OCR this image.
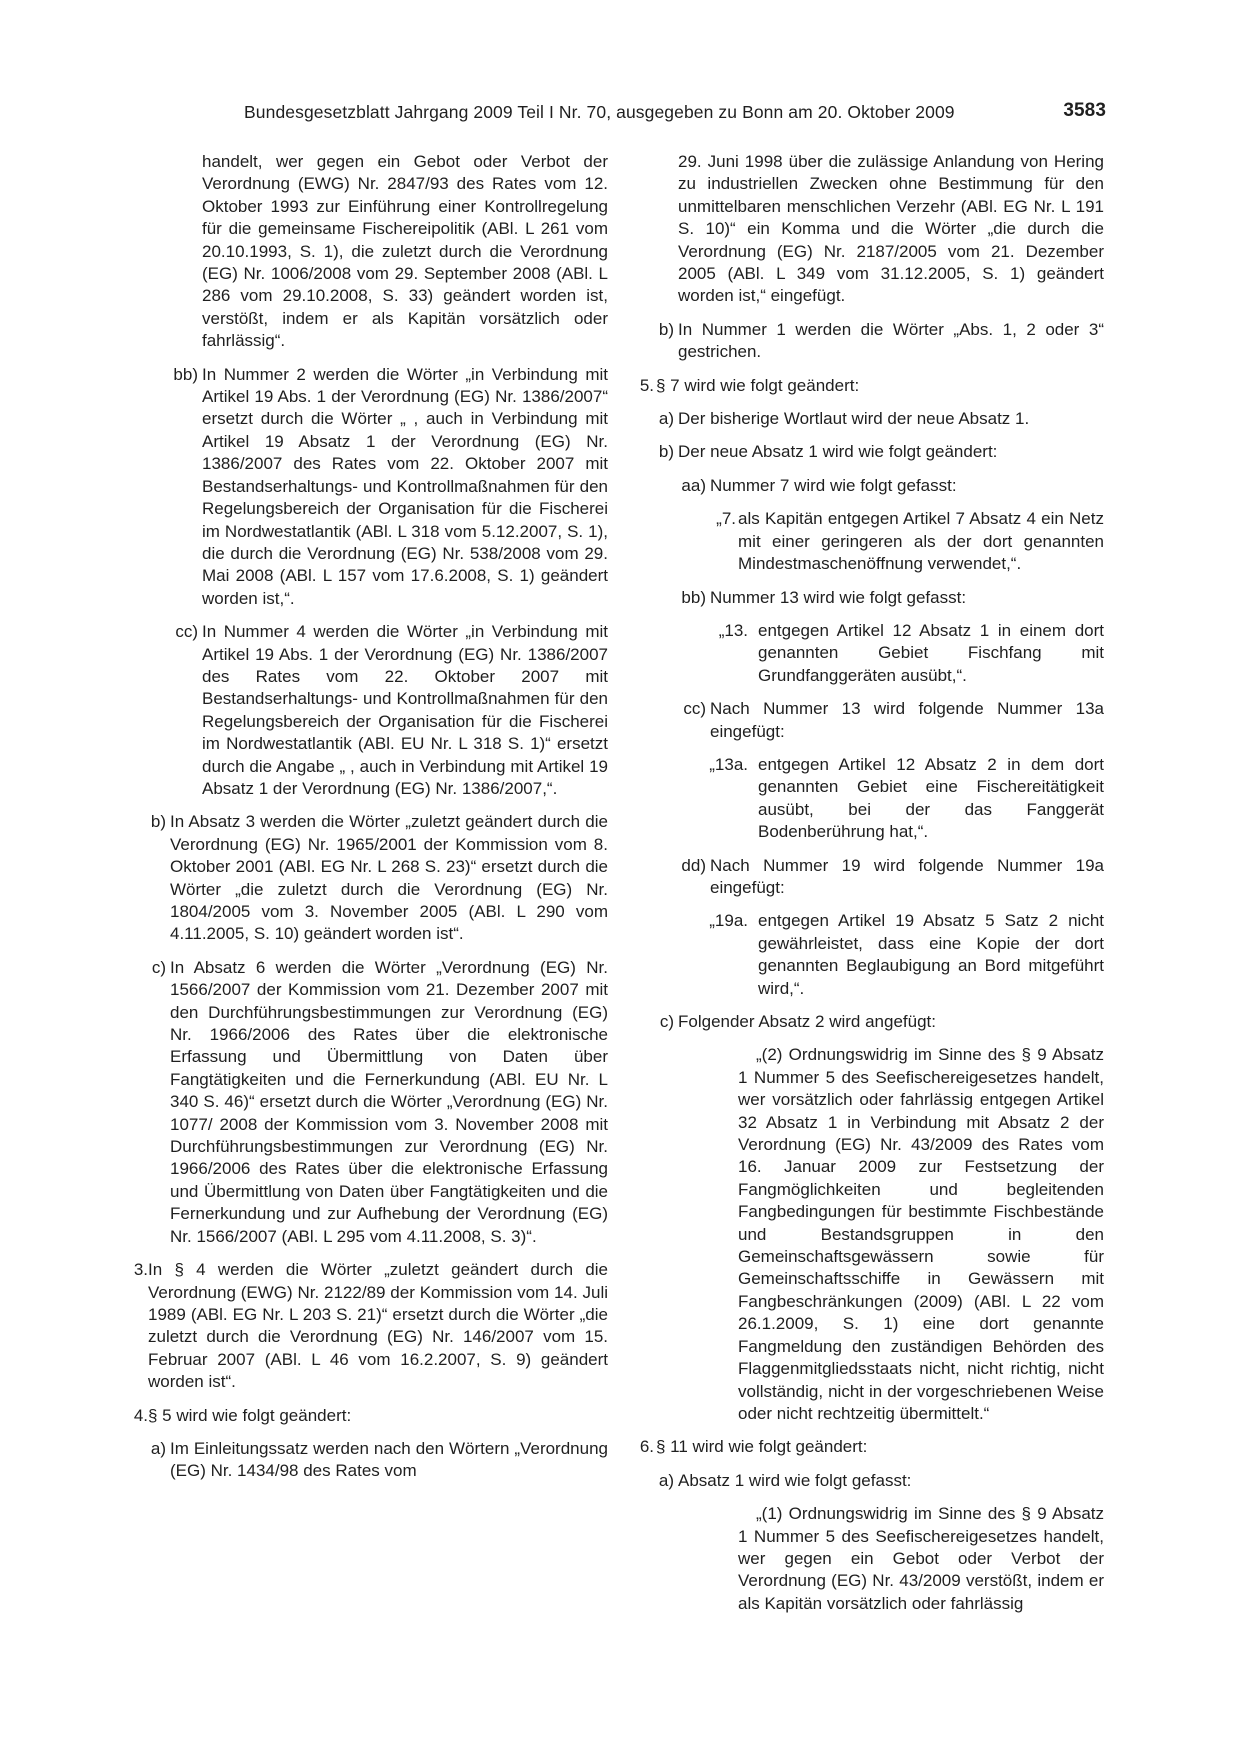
Bundesgesetzblatt Jahrgang 2009 Teil I Nr. 70, ausgegeben zu Bonn am 20. Oktober 2009	3583
handelt, wer gegen ein Gebot oder Verbot der Verordnung (EWG) Nr. 2847/93 des Rates vom 12. Oktober 1993 zur Einführung einer Kontrollregelung für die gemeinsame Fischereipolitik (ABl. L 261 vom 20.10.1993, S. 1), die zuletzt durch die Verordnung (EG) Nr. 1006/2008 vom 29. September 2008 (ABl. L 286 vom 29.10.2008, S. 33) geändert worden ist, verstößt, indem er als Kapitän vorsätzlich oder fahrlässig“.
bb) In Nummer 2 werden die Wörter „in Verbindung mit Artikel 19 Abs. 1 der Verordnung (EG) Nr. 1386/2007“ ersetzt durch die Wörter „ , auch in Verbindung mit Artikel 19 Absatz 1 der Verordnung (EG) Nr. 1386/2007 des Rates vom 22. Oktober 2007 mit Bestandserhaltungs- und Kontrollmaßnahmen für den Regelungsbereich der Organisation für die Fischerei im Nordwestatlantik (ABl. L 318 vom 5.12.2007, S. 1), die durch die Verordnung (EG) Nr. 538/2008 vom 29. Mai 2008 (ABl. L 157 vom 17.6.2008, S. 1) geändert worden ist,“.
cc) In Nummer 4 werden die Wörter „in Verbindung mit Artikel 19 Abs. 1 der Verordnung (EG) Nr. 1386/2007 des Rates vom 22. Oktober 2007 mit Bestandserhaltungs- und Kontrollmaßnahmen für den Regelungsbereich der Organisation für die Fischerei im Nordwestatlantik (ABl. EU Nr. L 318 S. 1)“ ersetzt durch die Angabe „ , auch in Verbindung mit Artikel 19 Absatz 1 der Verordnung (EG) Nr. 1386/2007,“.
b) In Absatz 3 werden die Wörter „zuletzt geändert durch die Verordnung (EG) Nr. 1965/2001 der Kommission vom 8. Oktober 2001 (ABl. EG Nr. L 268 S. 23)“ ersetzt durch die Wörter „die zuletzt durch die Verordnung (EG) Nr. 1804/2005 vom 3. November 2005 (ABl. L 290 vom 4.11.2005, S. 10) geändert worden ist“.
c) In Absatz 6 werden die Wörter „Verordnung (EG) Nr. 1566/2007 der Kommission vom 21. Dezember 2007 mit den Durchführungsbestimmungen zur Verordnung (EG) Nr. 1966/2006 des Rates über die elektronische Erfassung und Übermittlung von Daten über Fangtätigkeiten und die Fernerkundung (ABl. EU Nr. L 340 S. 46)“ ersetzt durch die Wörter „Verordnung (EG) Nr. 1077/ 2008 der Kommission vom 3. November 2008 mit Durchführungsbestimmungen zur Verordnung (EG) Nr. 1966/2006 des Rates über die elektronische Erfassung und Übermittlung von Daten über Fangtätigkeiten und die Fernerkundung und zur Aufhebung der Verordnung (EG) Nr. 1566/2007 (ABl. L 295 vom 4.11.2008, S. 3)“.
3. In § 4 werden die Wörter „zuletzt geändert durch die Verordnung (EWG) Nr. 2122/89 der Kommission vom 14. Juli 1989 (ABl. EG Nr. L 203 S. 21)“ ersetzt durch die Wörter „die zuletzt durch die Verordnung (EG) Nr. 146/2007 vom 15. Februar 2007 (ABl. L 46 vom 16.2.2007, S. 9) geändert worden ist“.
4. § 5 wird wie folgt geändert:
a) Im Einleitungssatz werden nach den Wörtern „Verordnung (EG) Nr. 1434/98 des Rates vom
29. Juni 1998 über die zulässige Anlandung von Hering zu industriellen Zwecken ohne Bestimmung für den unmittelbaren menschlichen Verzehr (ABl. EG Nr. L 191 S. 10)“ ein Komma und die Wörter „die durch die Verordnung (EG) Nr. 2187/2005 vom 21. Dezember 2005 (ABl. L 349 vom 31.12.2005, S. 1) geändert worden ist,“ eingefügt.
b) In Nummer 1 werden die Wörter „Abs. 1, 2 oder 3“ gestrichen.
5. § 7 wird wie folgt geändert:
a) Der bisherige Wortlaut wird der neue Absatz 1.
b) Der neue Absatz 1 wird wie folgt geändert:
aa) Nummer 7 wird wie folgt gefasst:
„7. als Kapitän entgegen Artikel 7 Absatz 4 ein Netz mit einer geringeren als der dort genannten Mindestmaschenöffnung verwendet,“.
bb) Nummer 13 wird wie folgt gefasst:
„13. entgegen Artikel 12 Absatz 1 in einem dort genannten Gebiet Fischfang mit Grundfanggeräten ausübt,“.
cc) Nach Nummer 13 wird folgende Nummer 13a eingefügt:
„13a. entgegen Artikel 12 Absatz 2 in dem dort genannten Gebiet eine Fischereitätigkeit ausübt, bei der das Fanggerät Bodenberührung hat,“.
dd) Nach Nummer 19 wird folgende Nummer 19a eingefügt:
„19a. entgegen Artikel 19 Absatz 5 Satz 2 nicht gewährleistet, dass eine Kopie der dort genannten Beglaubigung an Bord mitgeführt wird,“.
c) Folgender Absatz 2 wird angefügt:
„(2) Ordnungswidrig im Sinne des § 9 Absatz 1 Nummer 5 des Seefischereigesetzes handelt, wer vorsätzlich oder fahrlässig entgegen Artikel 32 Absatz 1 in Verbindung mit Absatz 2 der Verordnung (EG) Nr. 43/2009 des Rates vom 16. Januar 2009 zur Festsetzung der Fangmöglichkeiten und begleitenden Fangbedingungen für bestimmte Fischbestände und Bestandsgruppen in den Gemeinschaftsgewässern sowie für Gemeinschaftsschiffe in Gewässern mit Fangbeschränkungen (2009) (ABl. L 22 vom 26.1.2009, S. 1) eine dort genannte Fangmeldung den zuständigen Behörden des Flaggenmitgliedsstaats nicht, nicht richtig, nicht vollständig, nicht in der vorgeschriebenen Weise oder nicht rechtzeitig übermittelt.“
6. § 11 wird wie folgt geändert:
a) Absatz 1 wird wie folgt gefasst:
„(1) Ordnungswidrig im Sinne des § 9 Absatz 1 Nummer 5 des Seefischereigesetzes handelt, wer gegen ein Gebot oder Verbot der Verordnung (EG) Nr. 43/2009 verstößt, indem er als Kapitän vorsätzlich oder fahrlässig
